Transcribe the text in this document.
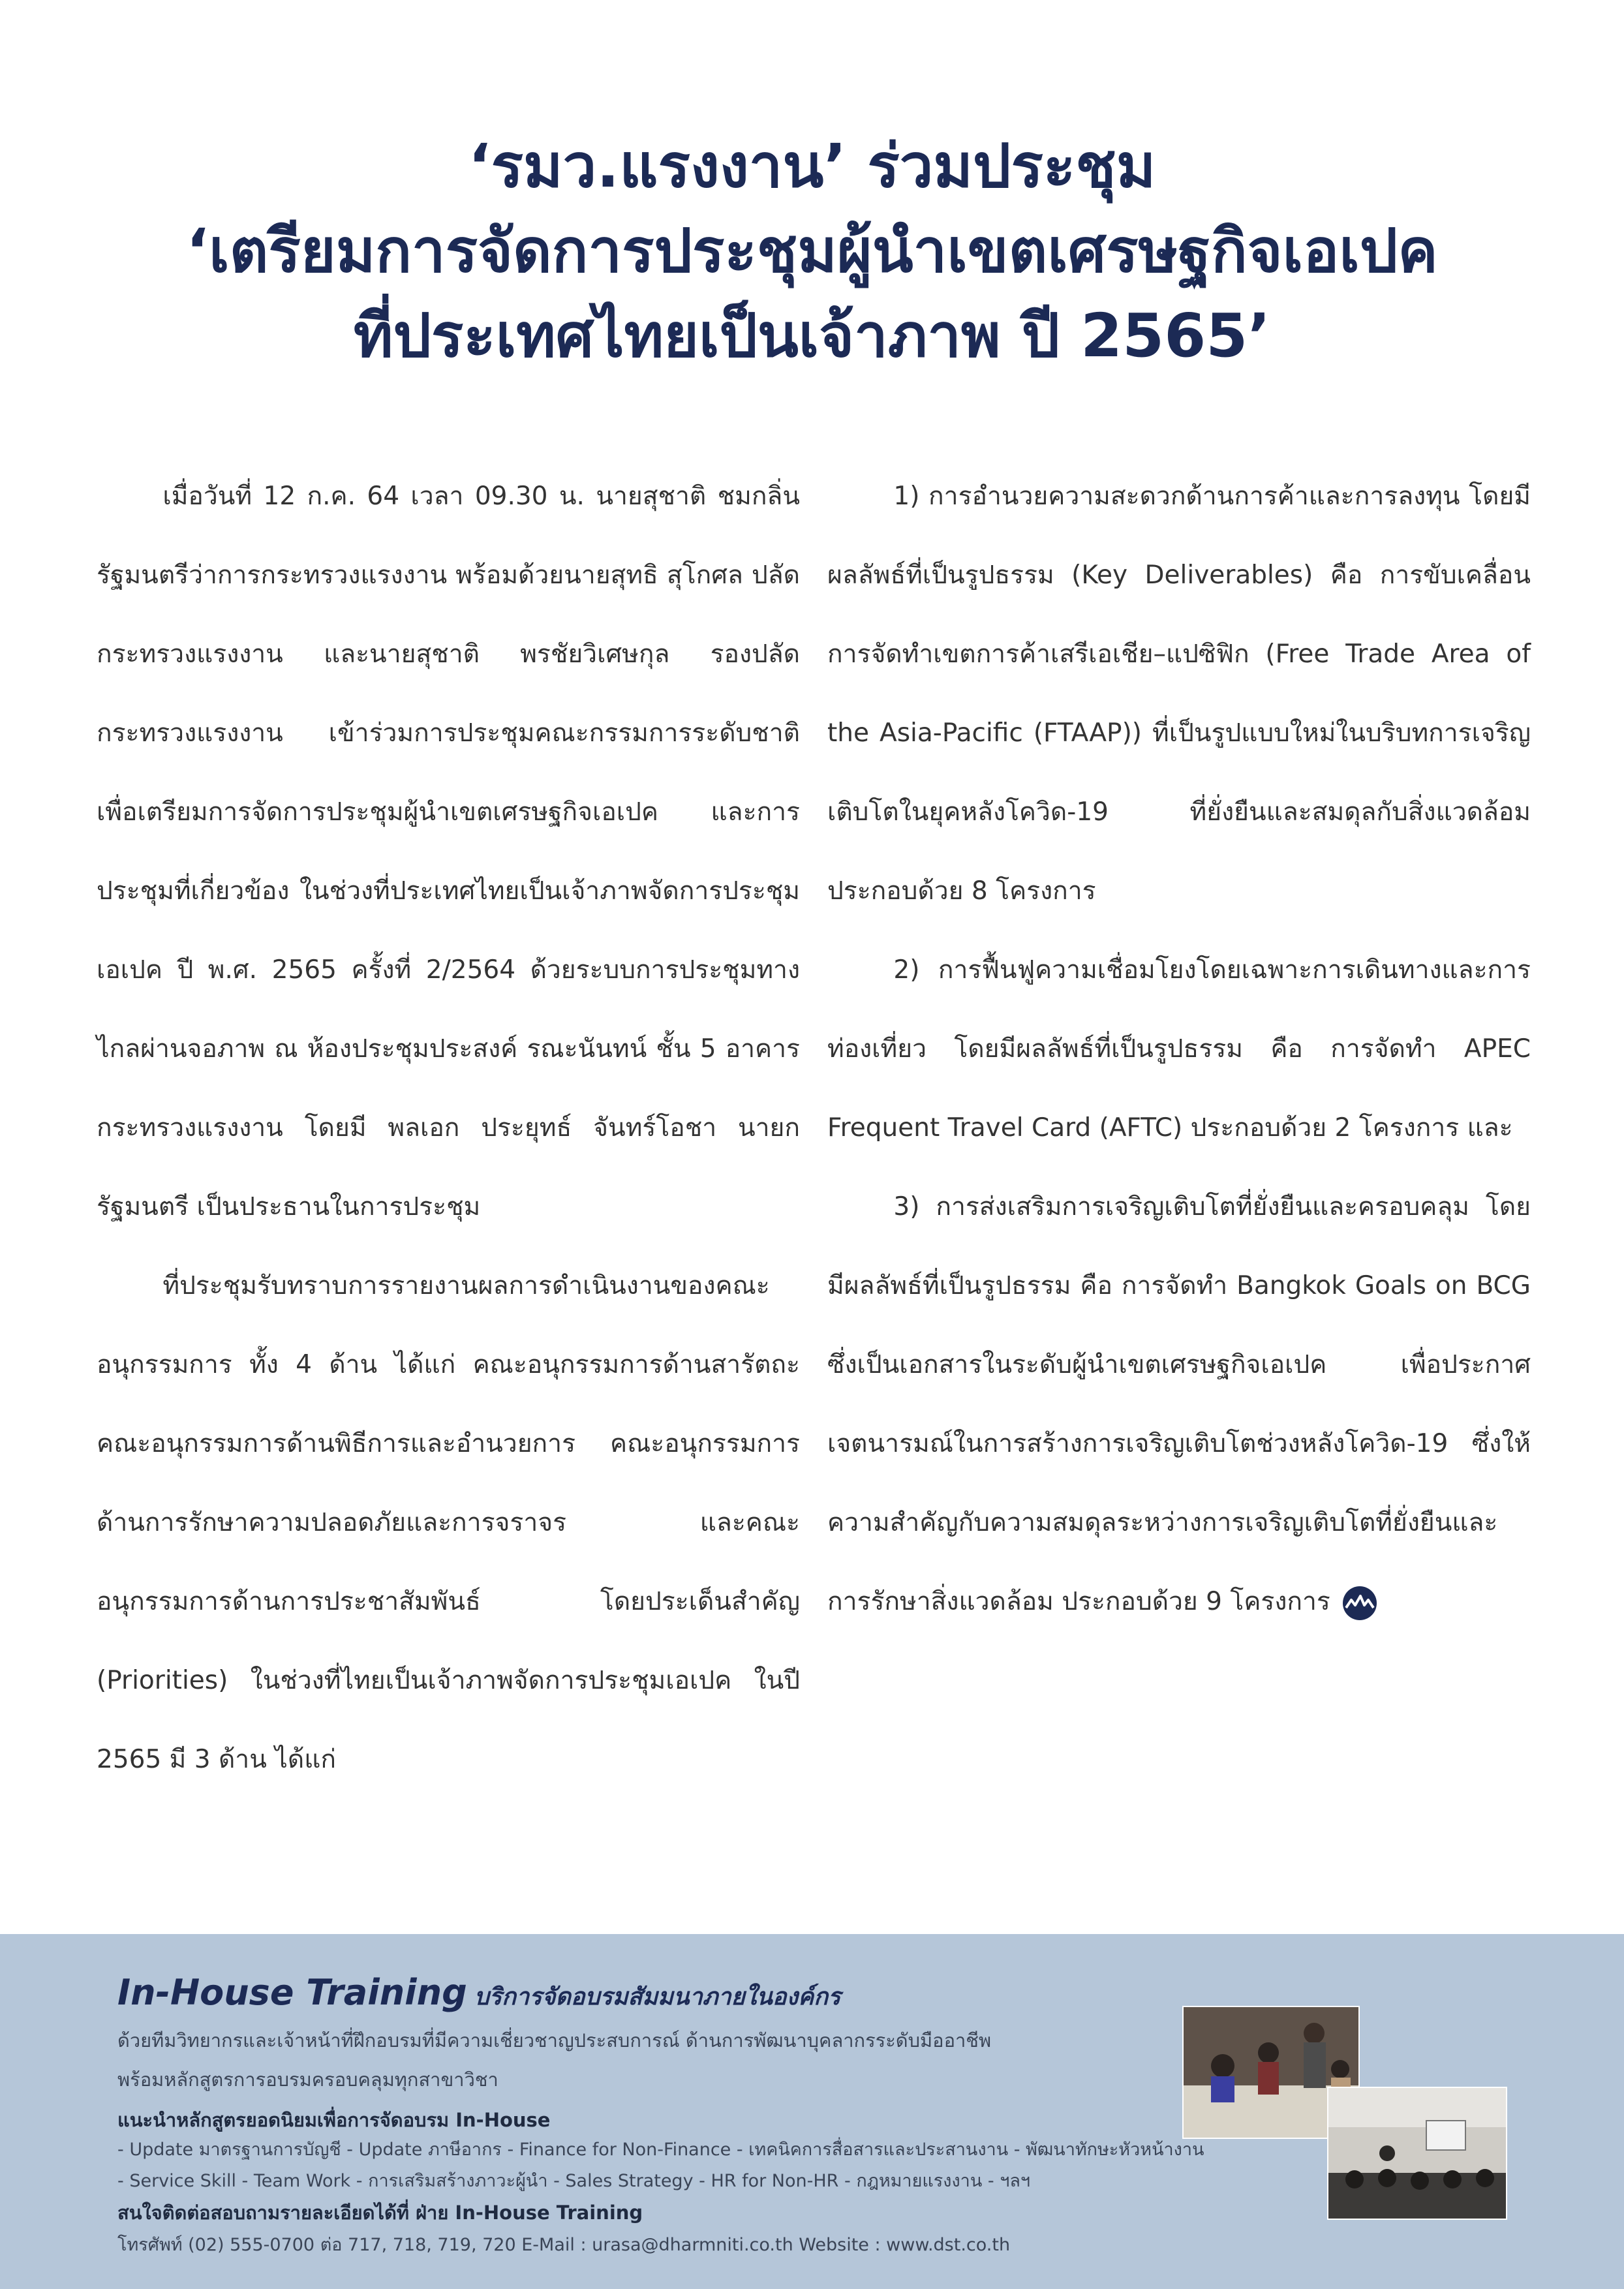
‘รมว.แรงงาน’ ร่วมประชุม
‘เตรียมการจัดการประชุมผู้นำเขตเศรษฐกิจเอเปค
ที่ประเทศไทยเป็นเจ้าภาพ ปี 2565’

เมื่อวันที่ 12 ก.ค. 64 เวลา 09.30 น. นายสุชาติ ชมกลิ่น รัฐมนตรีว่าการกระทรวงแรงงาน พร้อมด้วยนายสุทธิ สุโกศล ปลัดกระทรวงแรงงาน และนายสุชาติ พรชัยวิเศษกุล รองปลัดกระทรวงแรงงาน เข้าร่วมการประชุมคณะกรรมการระดับชาติ เพื่อเตรียมการจัดการประชุมผู้นำเขตเศรษฐกิจเอเปค และการประชุมที่เกี่ยวข้อง ในช่วงที่ประเทศไทยเป็นเจ้าภาพจัดการประชุมเอเปค ปี พ.ศ. 2565 ครั้งที่ 2/2564 ด้วยระบบการประชุมทางไกลผ่านจอภาพ ณ ห้องประชุมประสงค์ รณะนันทน์ ชั้น 5 อาคารกระทรวงแรงงาน โดยมี พลเอก ประยุทธ์ จันทร์โอชา นายกรัฐมนตรี เป็นประธานในการประชุม

ที่ประชุมรับทราบการรายงานผลการดำเนินงานของคณะอนุกรรมการ ทั้ง 4 ด้าน ได้แก่ คณะอนุกรรมการด้านสารัตถะ คณะอนุกรรมการด้านพิธีการและอำนวยการ คณะอนุกรรมการด้านการรักษาความปลอดภัยและการจราจร และคณะอนุกรรมการด้านการประชาสัมพันธ์ โดยประเด็นสำคัญ (Priorities) ในช่วงที่ไทยเป็นเจ้าภาพจัดการประชุมเอเปค ในปี 2565 มี 3 ด้าน ได้แก่

1) การอำนวยความสะดวกด้านการค้าและการลงทุน โดยมีผลลัพธ์ที่เป็นรูปธรรม (Key Deliverables) คือ การขับเคลื่อนการจัดทำเขตการค้าเสรีเอเชีย–แปซิฟิก (Free Trade Area of the Asia-Pacific (FTAAP)) ที่เป็นรูปแบบใหม่ในบริบทการเจริญเติบโตในยุคหลังโควิด-19 ที่ยั่งยืนและสมดุลกับสิ่งแวดล้อม ประกอบด้วย 8 โครงการ

2) การฟื้นฟูความเชื่อมโยงโดยเฉพาะการเดินทางและการท่องเที่ยว โดยมีผลลัพธ์ที่เป็นรูปธรรม คือ การจัดทำ APEC Frequent Travel Card (AFTC) ประกอบด้วย 2 โครงการ และ

3) การส่งเสริมการเจริญเติบโตที่ยั่งยืนและครอบคลุม โดยมีผลลัพธ์ที่เป็นรูปธรรม คือ การจัดทำ Bangkok Goals on BCG ซึ่งเป็นเอกสารในระดับผู้นำเขตเศรษฐกิจเอเปค เพื่อประกาศเจตนารมณ์ในการสร้างการเจริญเติบโตช่วงหลังโควิด-19 ซึ่งให้ความสำคัญกับความสมดุลระหว่างการเจริญเติบโตที่ยั่งยืนและการรักษาสิ่งแวดล้อม ประกอบด้วย 9 โครงการ

In-House Training บริการจัดอบรมสัมมนาภายในองค์กร
ด้วยทีมวิทยากรและเจ้าหน้าที่ฝึกอบรมที่มีความเชี่ยวชาญประสบการณ์ ด้านการพัฒนาบุคลากรระดับมืออาชีพ
พร้อมหลักสูตรการอบรมครอบคลุมทุกสาขาวิชา
แนะนำหลักสูตรยอดนิยมเพื่อการจัดอบรม In-House
- Update มาตรฐานการบัญชี - Update ภาษีอากร - Finance for Non-Finance - เทคนิคการสื่อสารและประสานงาน - พัฒนาทักษะหัวหน้างาน
- Service Skill - Team Work - การเสริมสร้างภาวะผู้นำ - Sales Strategy - HR for Non-HR - กฎหมายแรงงาน - ฯลฯ
สนใจติดต่อสอบถามรายละเอียดได้ที่ ฝ่าย In-House Training
โทรศัพท์ (02) 555-0700 ต่อ 717, 718, 719, 720 E-Mail : urasa@dharmniti.co.th Website : www.dst.co.th
